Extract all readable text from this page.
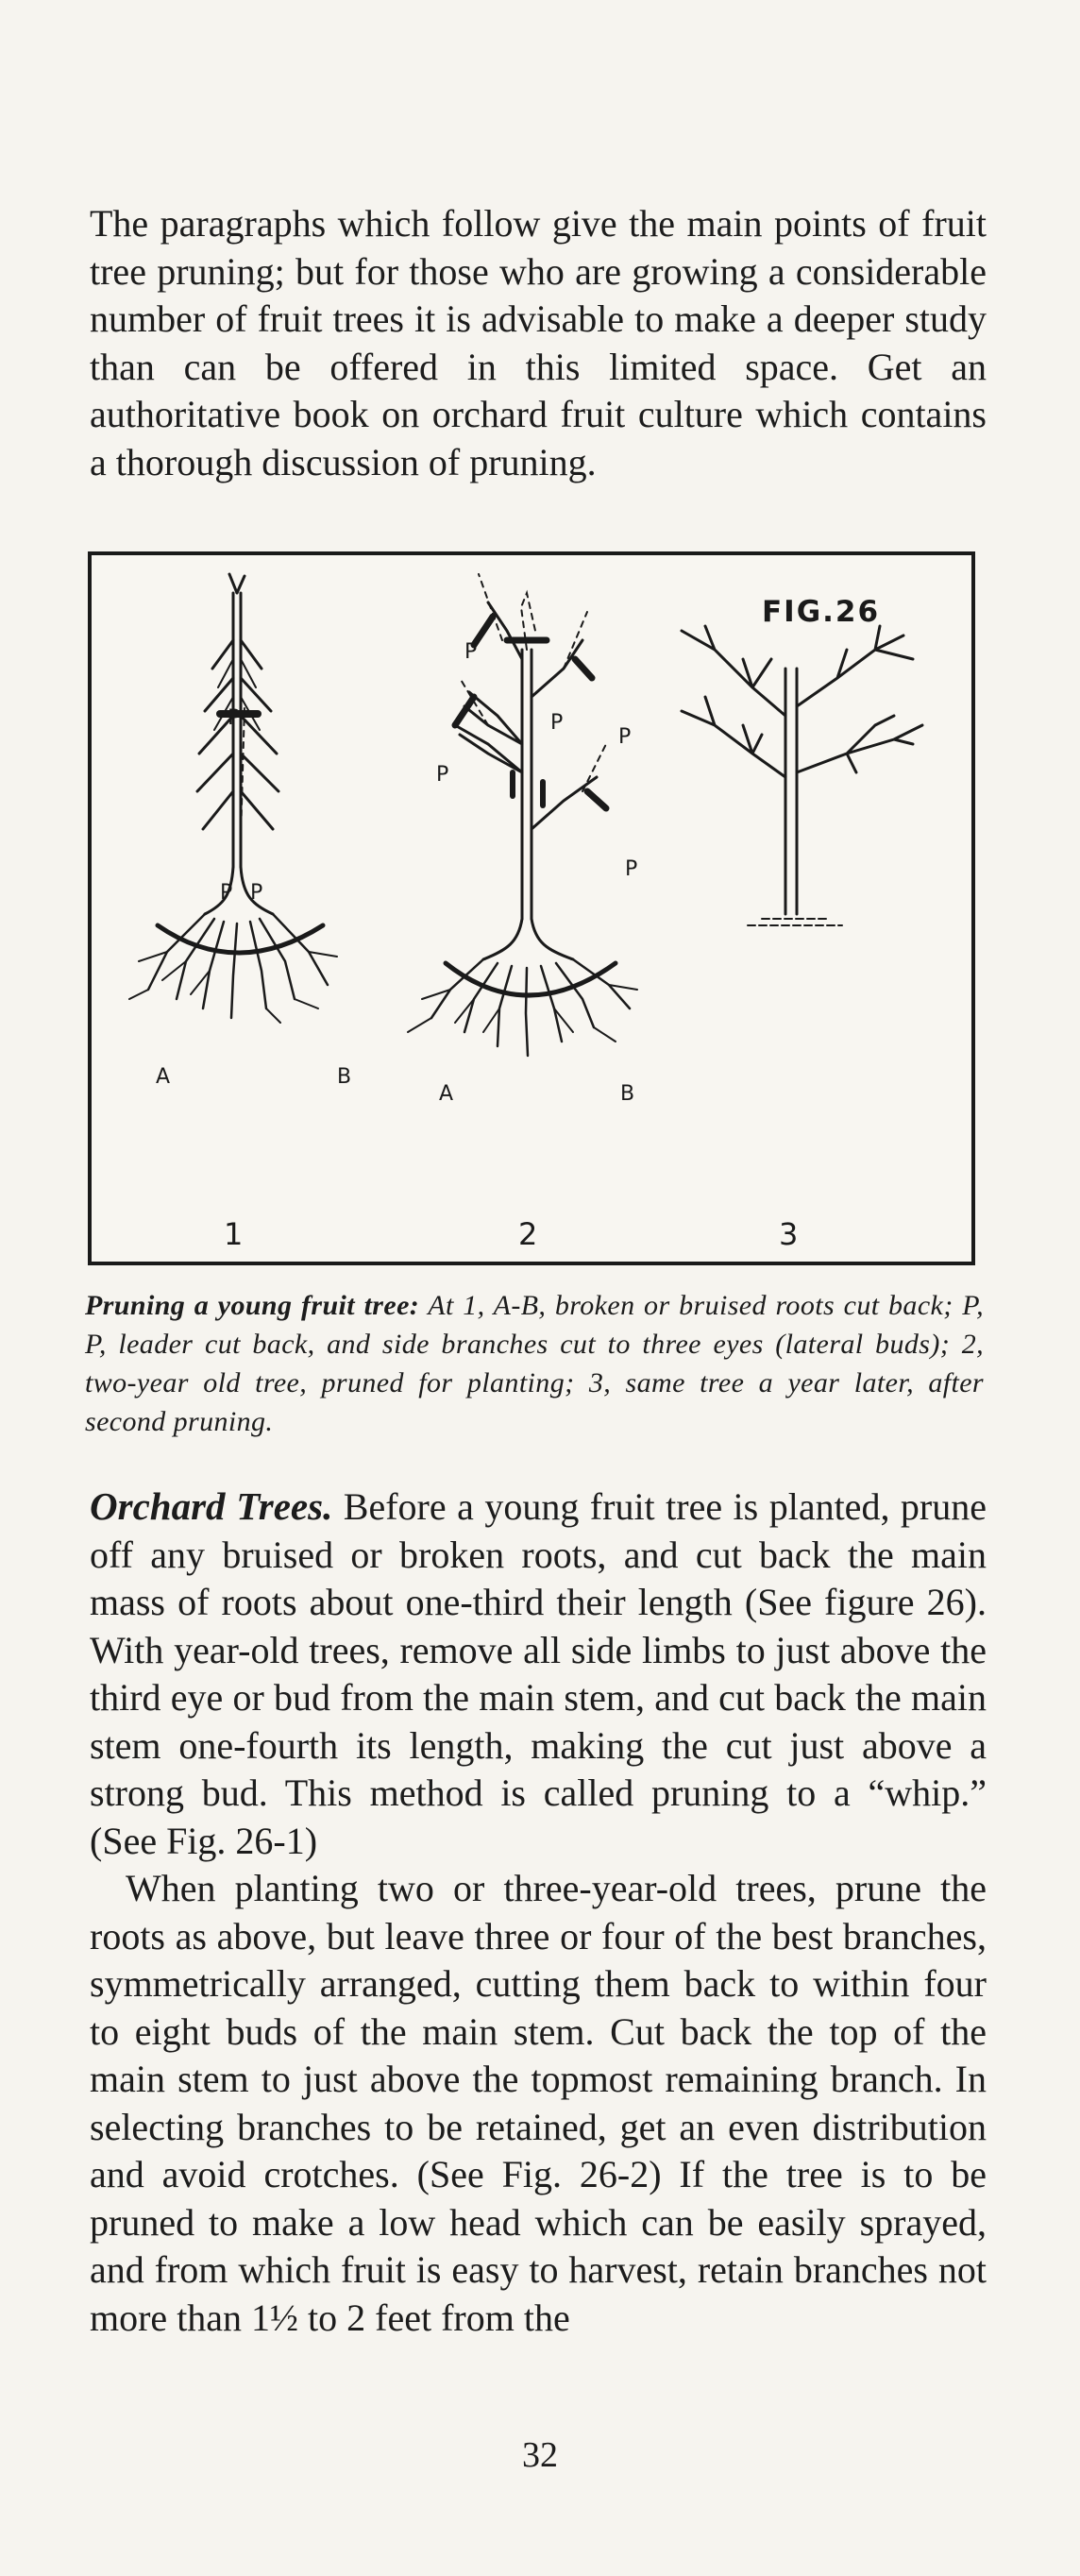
The paragraphs which follow give the main points of fruit tree pruning; but for those who are growing a considerable number of fruit trees it is advisable to make a deeper study than can be offered in this limited space. Get an authoritative book on orchard fruit culture which contains a thorough discussion of pruning.

FIG.26
P
P P
A	B
P
P
P
P
P
A	B
1	2	3

Pruning a young fruit tree: At 1, A-B, broken or bruised roots cut back; P, P, leader cut back, and side branches cut to three eyes (lateral buds); 2, two-year old tree, pruned for planting; 3, same tree a year later, after second pruning.

Orchard Trees. Before a young fruit tree is planted, prune off any bruised or broken roots, and cut back the main mass of roots about one-third their length (See figure 26). With year-old trees, remove all side limbs to just above the third eye or bud from the main stem, and cut back the main stem one-fourth its length, making the cut just above a strong bud. This method is called pruning to a “whip.” (See Fig. 26-1)

When planting two or three-year-old trees, prune the roots as above, but leave three or four of the best branches, symmetrically arranged, cutting them back to within four to eight buds of the main stem. Cut back the top of the main stem to just above the topmost remaining branch. In selecting branches to be retained, get an even distribution and avoid crotches. (See Fig. 26-2) If the tree is to be pruned to make a low head which can be easily sprayed, and from which fruit is easy to harvest, retain branches not more than 1½ to 2 feet from the

32
